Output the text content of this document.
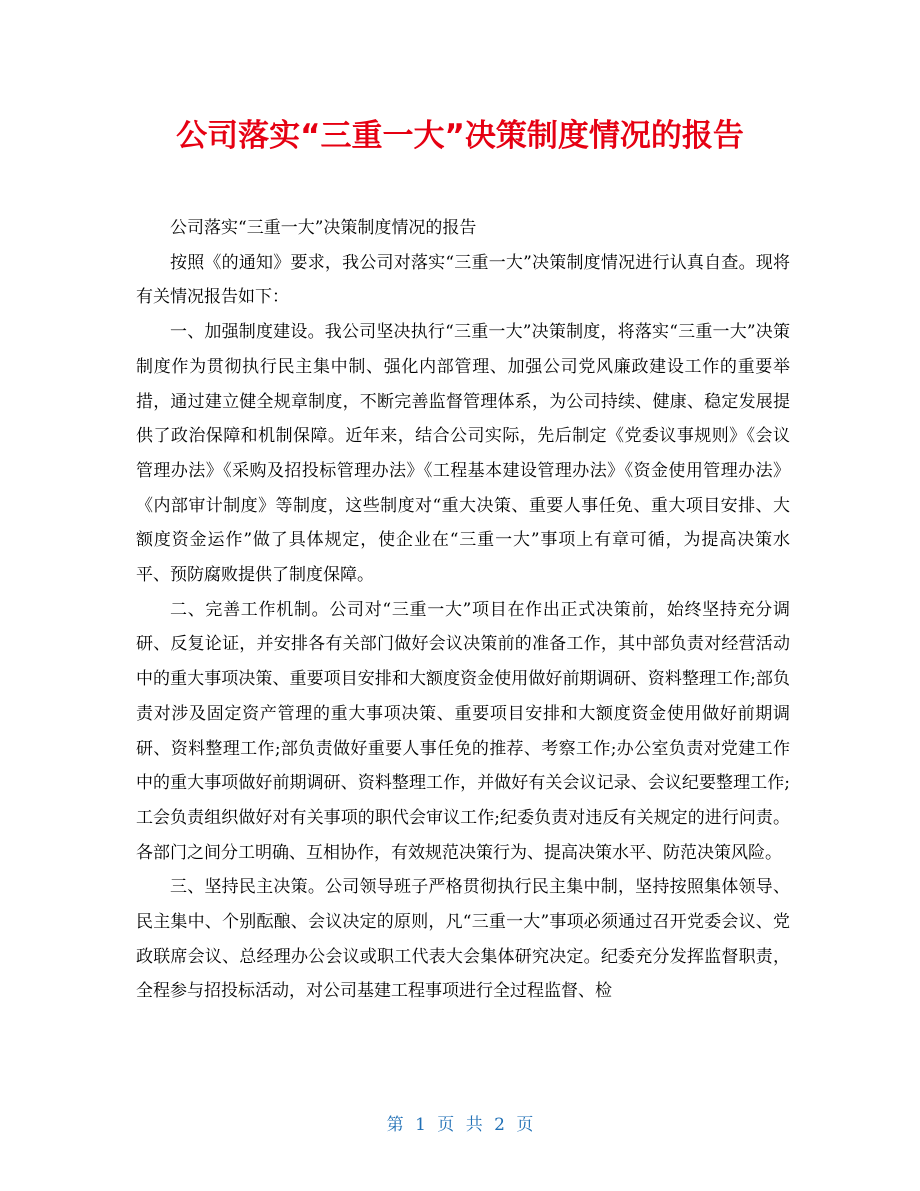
公司落实“三重一大”决策制度情况的报告

公司落实“三重一大”决策制度情况的报告

按照《的通知》要求，我公司对落实“三重一大”决策制度情况进行认真自查。现将有关情况报告如下：

一、加强制度建设。我公司坚决执行“三重一大”决策制度，将落实“三重一大”决策制度作为贯彻执行民主集中制、强化内部管理、加强公司党风廉政建设工作的重要举措，通过建立健全规章制度，不断完善监督管理体系，为公司持续、健康、稳定发展提供了政治保障和机制保障。近年来，结合公司实际，先后制定《党委议事规则》《会议管理办法》《采购及招投标管理办法》《工程基本建设管理办法》《资金使用管理办法》《内部审计制度》等制度，这些制度对“重大决策、重要人事任免、重大项目安排、大额度资金运作”做了具体规定，使企业在“三重一大”事项上有章可循，为提高决策水平、预防腐败提供了制度保障。

二、完善工作机制。公司对“三重一大”项目在作出正式决策前，始终坚持充分调研、反复论证，并安排各有关部门做好会议决策前的准备工作，其中部负责对经营活动中的重大事项决策、重要项目安排和大额度资金使用做好前期调研、资料整理工作;部负责对涉及固定资产管理的重大事项决策、重要项目安排和大额度资金使用做好前期调研、资料整理工作;部负责做好重要人事任免的推荐、考察工作;办公室负责对党建工作中的重大事项做好前期调研、资料整理工作，并做好有关会议记录、会议纪要整理工作;工会负责组织做好对有关事项的职代会审议工作;纪委负责对违反有关规定的进行问责。各部门之间分工明确、互相协作，有效规范决策行为、提高决策水平、防范决策风险。

三、坚持民主决策。公司领导班子严格贯彻执行民主集中制，坚持按照集体领导、民主集中、个别酝酿、会议决定的原则，凡“三重一大”事项必须通过召开党委会议、党政联席会议、总经理办公会议或职工代表大会集体研究决定。纪委充分发挥监督职责，全程参与招投标活动，对公司基建工程事项进行全过程监督、检

第 1 页 共 2 页
